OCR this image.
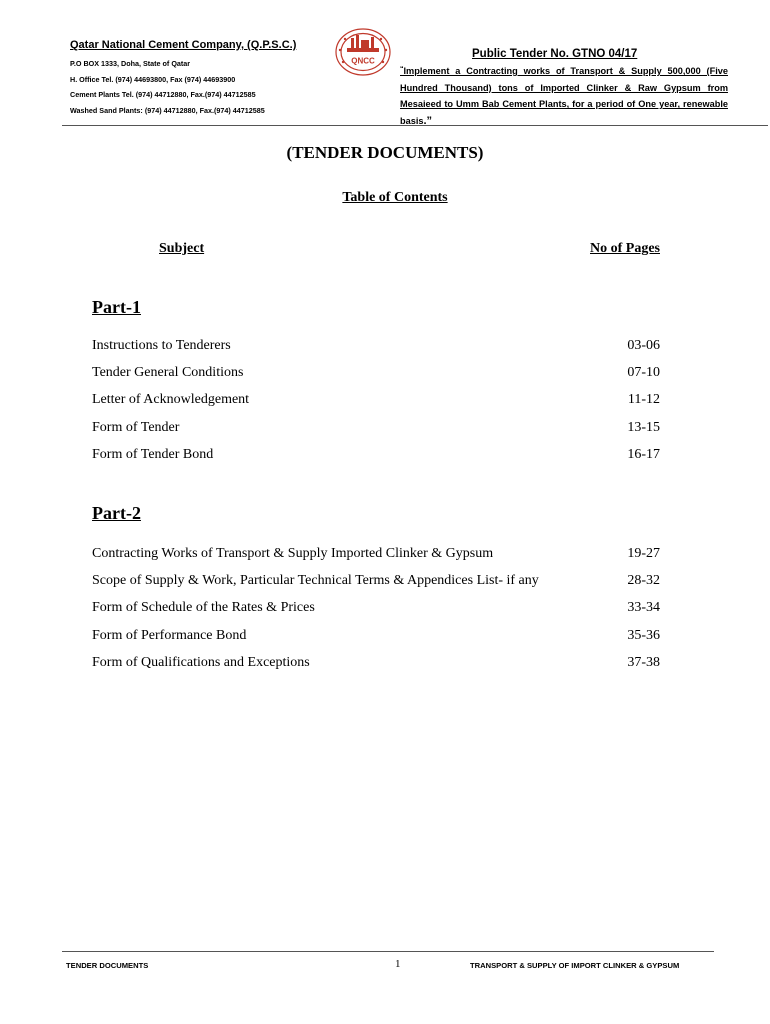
Qatar National Cement Company, (Q.P.S.C.)
P.O BOX 1333, Doha, State of Qatar
H. Office Tel. (974) 44693800, Fax (974) 44693900
Cement Plants Tel. (974) 44712880, Fax.(974) 44712585
Washed Sand Plants: (974) 44712880, Fax.(974) 44712585
QNCC
Public Tender No. GTNO 04/17
“Implement a Contracting works of Transport & Supply 500,000 (Five Hundred Thousand) tons of Imported Clinker & Raw Gypsum from Mesaieed to Umm Bab Cement Plants, for a period of One year, renewable basis.”
(TENDER DOCUMENTS)
Table of Contents
Subject	No of Pages
Part-1
Instructions to Tenderers	03-06
Tender General Conditions	07-10
Letter of Acknowledgement	11-12
Form of Tender	13-15
Form of Tender Bond	16-17
Part-2
Contracting Works of Transport & Supply Imported Clinker & Gypsum	19-27
Scope of Supply & Work, Particular Technical Terms & Appendices List- if any	28-32
Form of Schedule of the Rates & Prices	33-34
Form of Performance Bond	35-36
Form of Qualifications and Exceptions	37-38
TENDER DOCUMENTS	1	TRANSPORT & SUPPLY OF IMPORT CLINKER & GYPSUM
